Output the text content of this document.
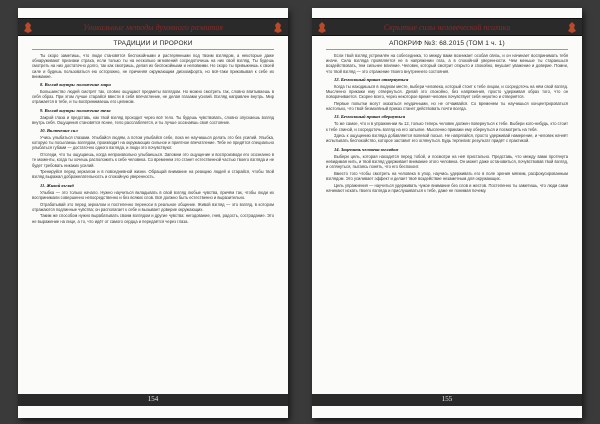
Уникальные методы духовного развития
ТРАДИЦИИ И ПРОРОКИ

Ты скоро заметишь, что люди становятся беспокойными и растерянными под твоим взглядом, а некоторые даже обнаруживают признаки страха, если только ты на несколько мгновений сосредоточишь на них свой взгляд. Ты будешь смотреть на них достаточно долго, так как смотришь, делая их беспокойными и неловкими. Но скоро ты привыкнешь к своей силе и будешь пользоваться ею осторожно, не причиняя окружающим дискомфорта, но всё-таки приковывая к себе их внимание.

8. Взгляд внутрь: положение мира

Большинство людей смотрят так, словно ощущают предметы взглядом. Но можно смотреть так, словно впитываешь в себя образ. При этом лучше старайся ввести в себя впечатление, не делая глазами усилий. Взгляд направлен внутрь. Мир отражается в тебе, и ты воспринимаешь его целиком.

9. Взгляд внутрь: положение тела

Закрой глаза и представь, как твой взгляд проходит через всё тело. Ты будешь чувствовать, словно опускаешь взгляд внутрь себя. Ощущения становятся яснее, тело расслабляется, и ты лучше осознаёшь своё состояние.

10. Включение сил

Учись улыбаться глазами. Улыбайся людям, а потом улыбайся себе, пока не научишься делать это без усилий. Улыбка, которую ты посылаешь взглядом, производит на окружающих сильное и приятное впечатление. Тебе не придётся специально улыбаться губами — достаточно одного взгляда, и люди это почувствуют.

Отследи, что ты ощущаешь, когда непроизвольно улыбаешься. Запомни это ощущение и воспроизводи его осознанно в те моменты, когда ты хочешь расположить к себе человека. Со временем это станет естественной частью твоего взгляда и не будет требовать никаких усилий.

Тренируйся перед зеркалом и в повседневной жизни. Обращай внимание на реакцию людей и старайся, чтобы твой взгляд выражал доброжелательность и спокойную уверенность.

11. Живой взгляд

Улыбка — это только начало. Нужно научиться вкладывать в свой взгляд любые чувства, причём так, чтобы люди их воспринимали совершенно непосредственно и без всяких слов. Всё должно быть естественно и выразительно.

Отрабатывай это перед зеркалом и постепенно переноси в реальное общение. Живой взгляд — это взгляд, в котором отражаются подлинные чувства; он располагает к себе и вызывает доверие окружающих.

Таким же способом нужно вырабатывать своим взглядом и другие чувства: негодование, гнев, радость, сострадание. Это не выражение на лице, а то, что идёт от самого сердца и передаётся через глаза.

154
Скрытые силы человеческой психики
АПОКРИФ №3: 68.2015 (ТОМ 1 ч. 1)

Если твой взгляд устремлён на собеседника, то между вами возникает особая связь, и он начинает воспринимать тебя иначе. Сила взгляда проявляется не в напряжении глаз, а в спокойной уверенности. Чем меньше ты стараешься воздействовать, тем сильнее влияние. Человек, который смотрит открыто и спокойно, внушает уважение и доверие. Помни, что твой взгляд — это отражение твоего внутреннего состояния.

12. Безмолвный приказ отвернуться

Когда ты находишься в людном месте, выбери человека, который стоит к тебе лицом, и сосредоточь на нём свой взгляд. Мысленно прикажи ему отвернуться. Делай это спокойно, без напряжения, просто удерживая образ того, что он поворачивается. Скорее всего, через некоторое время человек почувствует себя неуютно и отвернётся.

Первые попытки могут оказаться неудачными, но не отчаивайся. Со временем ты научишься концентрироваться настолько, что твой безмолвный приказ станет действовать почти всегда.

13. Безмолвный приказ обернуться

То же самое, что и в упражнении № 12, только теперь человек должен повернуться к тебе. Выбери кого-нибудь, кто стоит к тебе спиной, и сосредоточь взгляд на его затылке. Мысленно прикажи ему обернуться и посмотреть на тебя.

Здесь к ощущению взгляда добавляется волевой посыл. Не напрягайся, просто удерживай намерение, и человек начнёт испытывать беспокойство, которое заставит его оглянуться. Будь терпелив: результат придёт с практикой.

14. Зацепить человека взглядом

Выбери цель, которая находится перед тобой, и посмотри на неё пристально. Представь, что между вами протянута невидимая нить, и твой взгляд удерживает внимание этого человека. Он может даже остановиться, почувствовав твой взгляд, и оглянуться, пытаясь понять, что его беспокоит.

Вместо того чтобы смотреть на человека в упор, научись удерживать его в поле зрения мягким, расфокусированным взглядом. Это усиливает эффект и делает твоё воздействие незаметным для окружающих.

Цель упражнения — научиться удерживать чужое внимание без слов и жестов. Постепенно ты заметишь, что люди сами начинают искать твоего взгляда и прислушиваться к тебе, даже не понимая почему.

155
